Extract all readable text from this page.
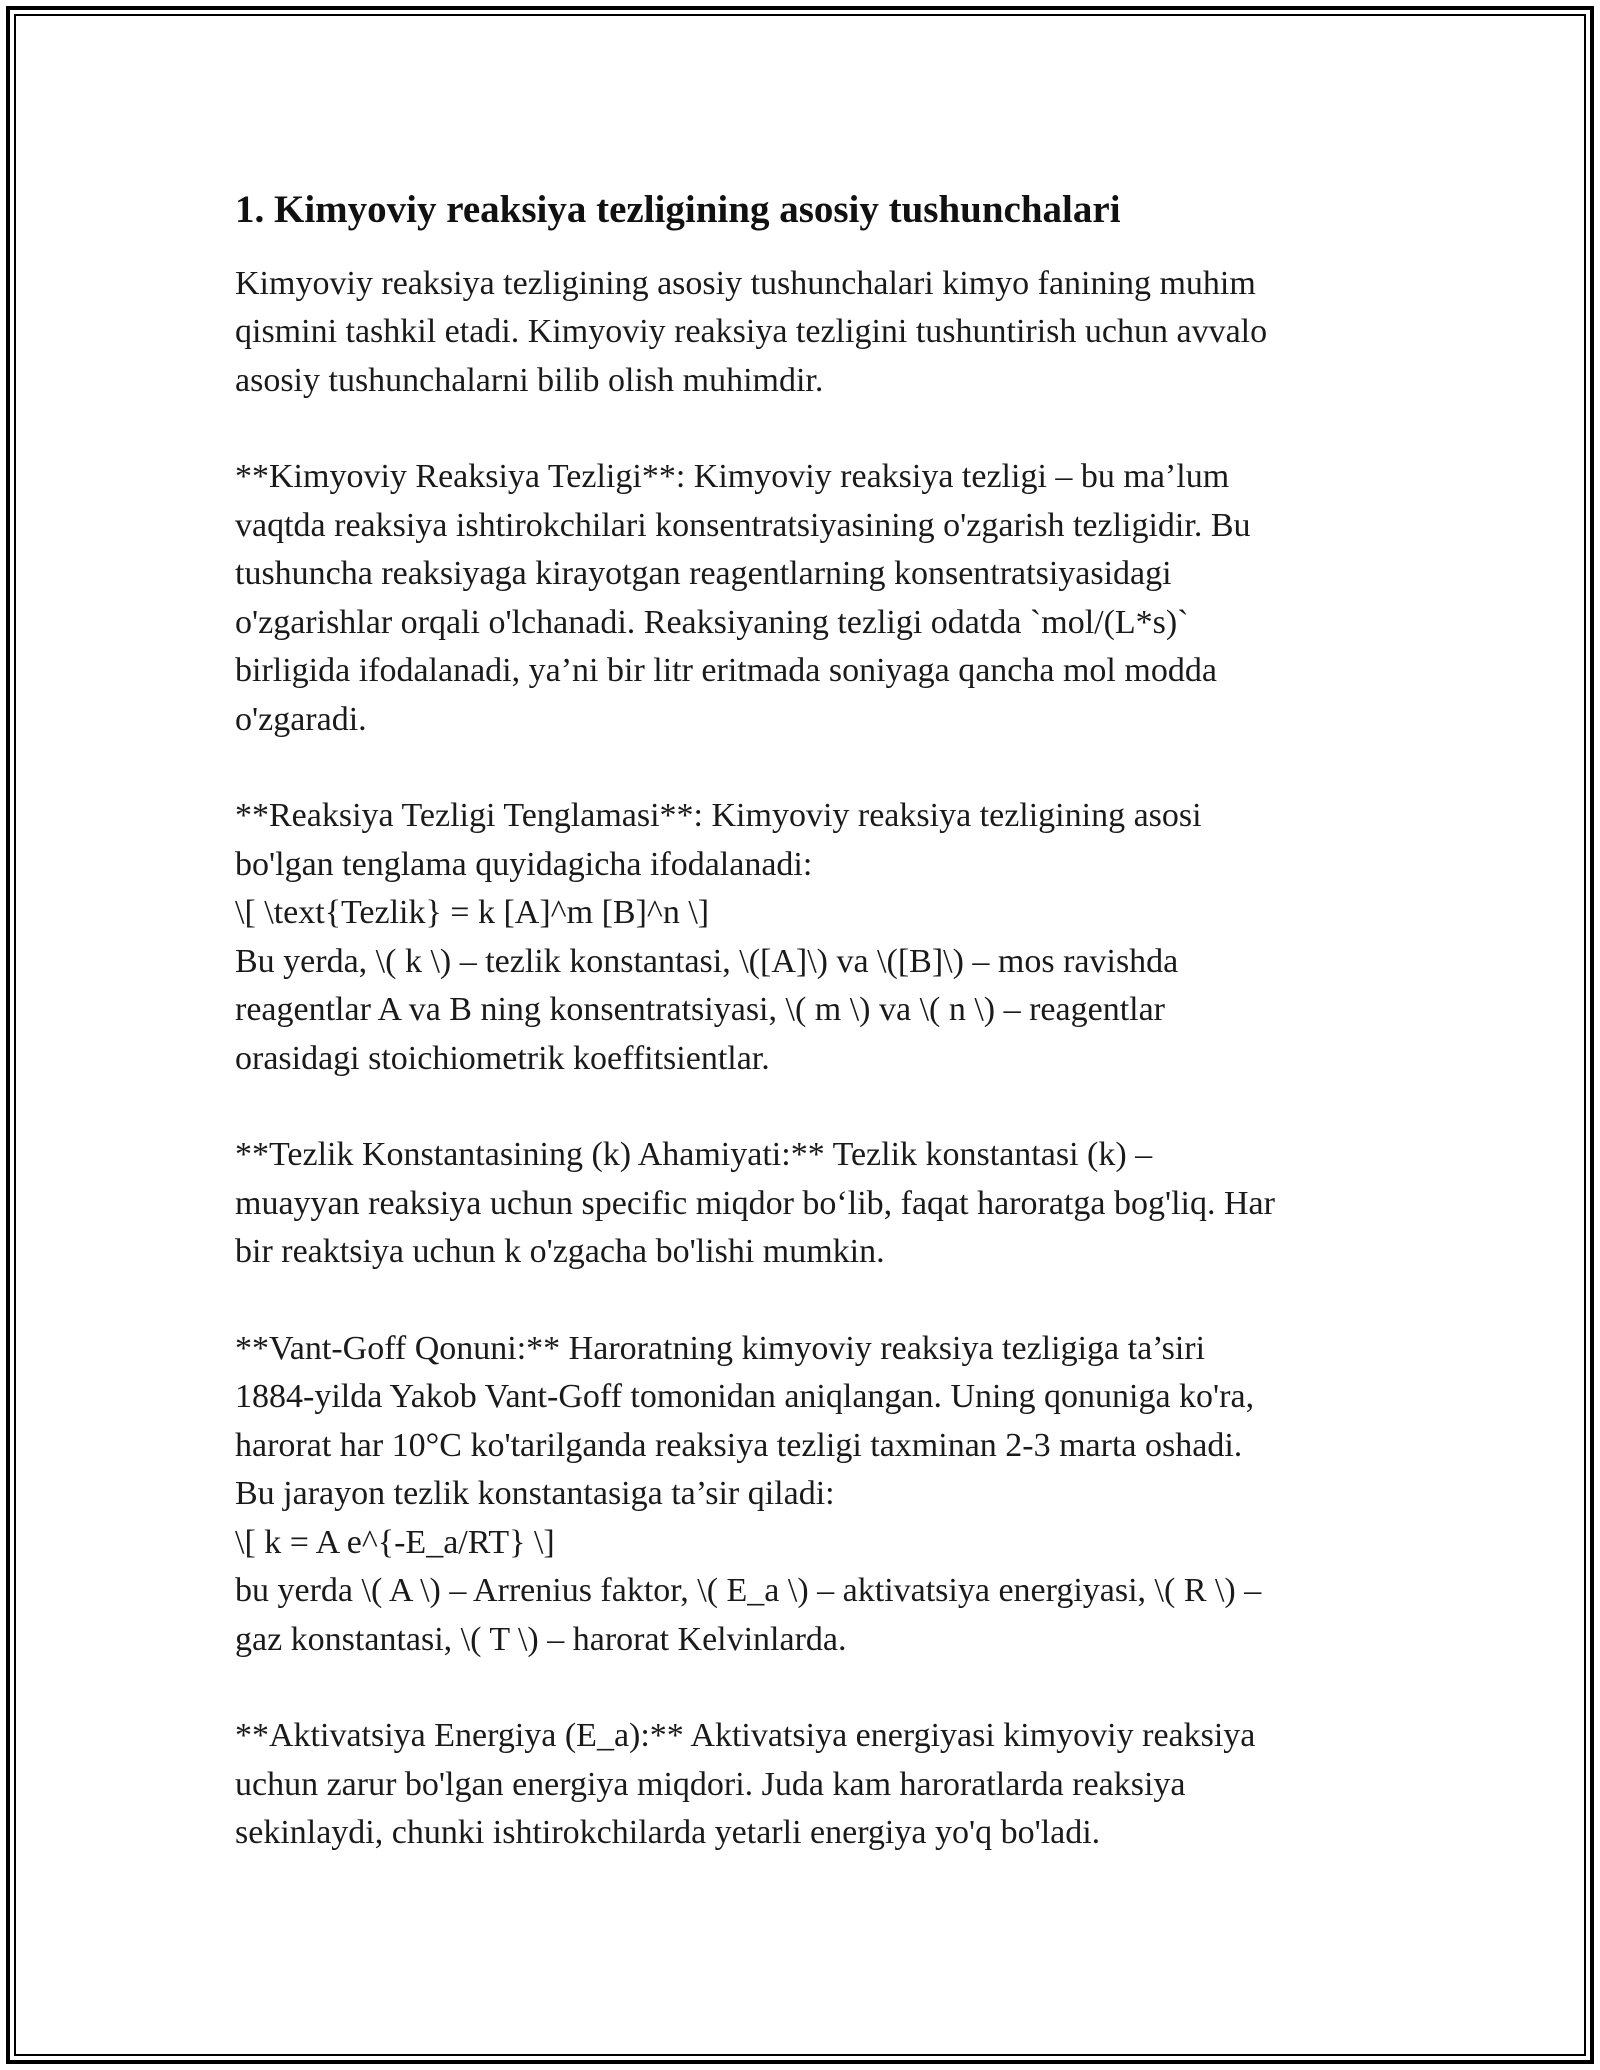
1. Kimyoviy reaksiya tezligining asosiy tushunchalari

Kimyoviy reaksiya tezligining asosiy tushunchalari kimyo fanining muhim
qismini tashkil etadi. Kimyoviy reaksiya tezligini tushuntirish uchun avvalo
asosiy tushunchalarni bilib olish muhimdir.

**Kimyoviy Reaksiya Tezligi**: Kimyoviy reaksiya tezligi – bu ma’lum
vaqtda reaksiya ishtirokchilari konsentratsiyasining o'zgarish tezligidir. Bu
tushuncha reaksiyaga kirayotgan reagentlarning konsentratsiyasidagi
o'zgarishlar orqali o'lchanadi. Reaksiyaning tezligi odatda `mol/(L*s)`
birligida ifodalanadi, ya’ni bir litr eritmada soniyaga qancha mol modda
o'zgaradi.

**Reaksiya Tezligi Tenglamasi**: Kimyoviy reaksiya tezligining asosi
bo'lgan tenglama quyidagicha ifodalanadi:
\[ \text{Tezlik} = k [A]^m [B]^n \]
Bu yerda, \( k \) – tezlik konstantasi, \([A]\) va \([B]\) – mos ravishda
reagentlar A va B ning konsentratsiyasi, \( m \) va \( n \) – reagentlar
orasidagi stoichiometrik koeffitsientlar.

**Tezlik Konstantasining (k) Ahamiyati:** Tezlik konstantasi (k) –
muayyan reaksiya uchun specific miqdor bo‘lib, faqat haroratga bog'liq. Har
bir reaktsiya uchun k o'zgacha bo'lishi mumkin.

**Vant-Goff Qonuni:** Haroratning kimyoviy reaksiya tezligiga ta’siri
1884-yilda Yakob Vant-Goff tomonidan aniqlangan. Uning qonuniga ko'ra,
harorat har 10°C ko'tarilganda reaksiya tezligi taxminan 2-3 marta oshadi.
Bu jarayon tezlik konstantasiga ta’sir qiladi:
\[ k = A e^{-E_a/RT} \]
bu yerda \( A \) – Arrenius faktor, \( E_a \) – aktivatsiya energiyasi, \( R \) –
gaz konstantasi, \( T \) – harorat Kelvinlarda.

**Aktivatsiya Energiya (E_a):** Aktivatsiya energiyasi kimyoviy reaksiya
uchun zarur bo'lgan energiya miqdori. Juda kam haroratlarda reaksiya
sekinlaydi, chunki ishtirokchilarda yetarli energiya yo'q bo'ladi.
